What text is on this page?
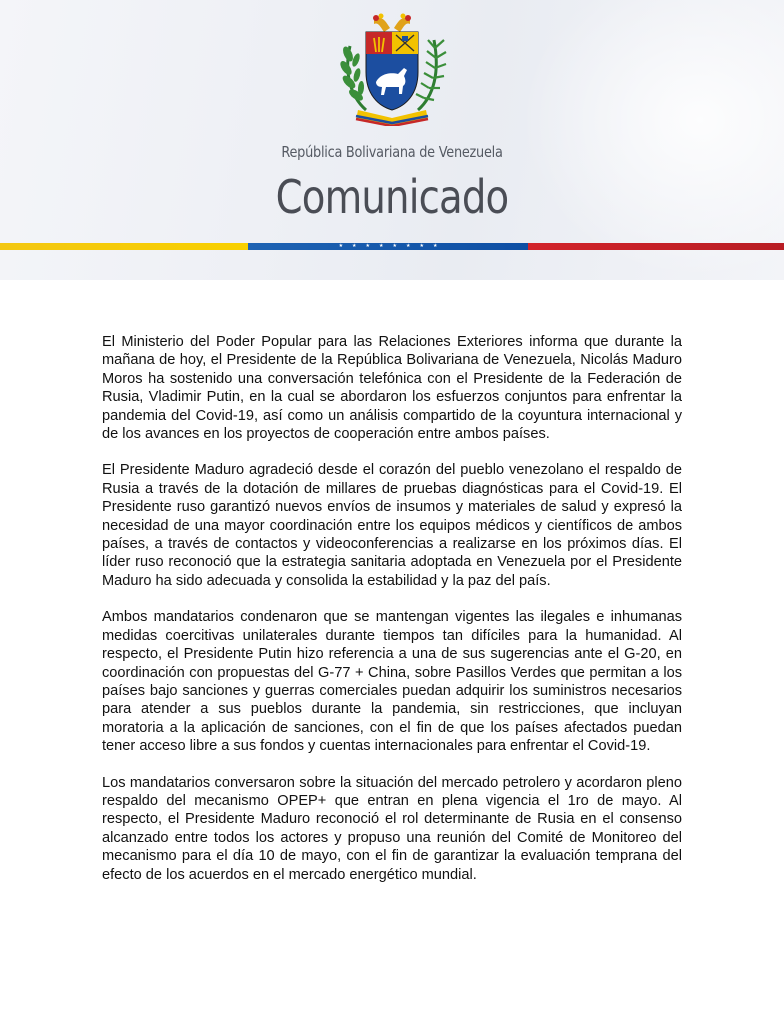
República Bolivariana de Venezuela
Comunicado
★ ★ ★ ★ ★ ★ ★ ★

El Ministerio del Poder Popular para las Relaciones Exteriores informa que durante la mañana de hoy, el Presidente de la República Bolivariana de Venezuela, Nicolás Maduro Moros ha sostenido una conversación telefónica con el Presidente de la Federación de Rusia, Vladimir Putin, en la cual se abordaron los esfuerzos conjuntos para enfrentar la pandemia del Covid-19, así como un análisis compartido de la coyuntura internacional y de los avances en los proyectos de cooperación entre ambos países.

El Presidente Maduro agradeció desde el corazón del pueblo venezolano el respaldo de Rusia a través de la dotación de millares de pruebas diagnósticas para el Covid-19. El Presidente ruso garantizó nuevos envíos de insumos y materiales de salud y expresó la necesidad de una mayor coordinación entre los equipos médicos y científicos de ambos países, a través de contactos y videoconferencias a realizarse en los próximos días. El líder ruso reconoció que la estrategia sanitaria adoptada en Venezuela por el Presidente Maduro ha sido adecuada y consolida la estabilidad y la paz del país.

Ambos mandatarios condenaron que se mantengan vigentes las ilegales e inhumanas medidas coercitivas unilaterales durante tiempos tan difíciles para la humanidad. Al respecto, el Presidente Putin hizo referencia a una de sus sugerencias ante el G-20, en coordinación con propuestas del G-77 + China, sobre Pasillos Verdes que permitan a los países bajo sanciones y guerras comerciales puedan adquirir los suministros necesarios para atender a sus pueblos durante la pandemia, sin restricciones, que incluyan moratoria a la aplicación de sanciones, con el fin de que los países afectados puedan tener acceso libre a sus fondos y cuentas internacionales para enfrentar el Covid-19.

Los mandatarios conversaron sobre la situación del mercado petrolero y acordaron pleno respaldo del mecanismo OPEP+ que entran en plena vigencia el 1ro de mayo. Al respecto, el Presidente Maduro reconoció el rol determinante de Rusia en el consenso alcanzado entre todos los actores y propuso una reunión del Comité de Monitoreo del mecanismo para el día 10 de mayo, con el fin de garantizar la evaluación temprana del efecto de los acuerdos en el mercado energético mundial.
